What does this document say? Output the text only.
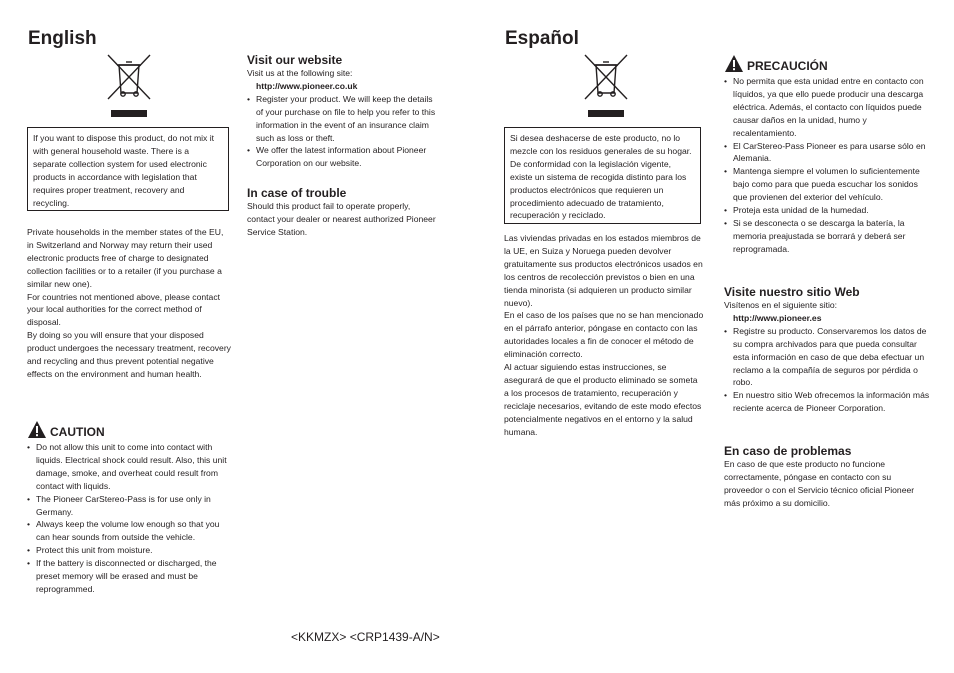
English
If you want to dispose this product, do not mix it with general household waste. There is a separate collection system for used electronic products in accordance with legislation that requires proper treatment, recovery and recycling.
Private households in the member states of the EU, in Switzerland and Norway may return their used electronic products free of charge to designated collection facilities or to a retailer (if you purchase a similar new one).
For countries not mentioned above, please contact your local authorities for the correct method of disposal.
By doing so you will ensure that your disposed product undergoes the necessary treatment, recovery and recycling and thus prevent potential negative effects on the environment and human health.
CAUTION
• Do not allow this unit to come into contact with liquids. Electrical shock could result. Also, this unit damage, smoke, and overheat could result from contact with liquids.
• The Pioneer CarStereo-Pass is for use only in Germany.
• Always keep the volume low enough so that you can hear sounds from outside the vehicle.
• Protect this unit from moisture.
• If the battery is disconnected or discharged, the preset memory will be erased and must be reprogrammed.
Visit our website
Visit us at the following site:
http://www.pioneer.co.uk
• Register your product. We will keep the details of your purchase on file to help you refer to this information in the event of an insurance claim such as loss or theft.
• We offer the latest information about Pioneer Corporation on our website.
In case of trouble
Should this product fail to operate properly, contact your dealer or nearest authorized Pioneer Service Station.
<KKMZX> <CRP1439-A/N>
Español
Si desea deshacerse de este producto, no lo mezcle con los residuos generales de su hogar. De conformidad con la legislación vigente, existe un sistema de recogida distinto para los productos electrónicos que requieren un procedimiento adecuado de tratamiento, recuperación y reciclado.
Las viviendas privadas en los estados miembros de la UE, en Suiza y Noruega pueden devolver gratuitamente sus productos electrónicos usados en los centros de recolección previstos o bien en una tienda minorista (si adquieren un producto similar nuevo).
En el caso de los países que no se han mencionado en el párrafo anterior, póngase en contacto con las autoridades locales a fin de conocer el método de eliminación correcto.
Al actuar siguiendo estas instrucciones, se asegurará de que el producto eliminado se someta a los procesos de tratamiento, recuperación y reciclaje necesarios, evitando de este modo efectos potencialmente negativos en el entorno y la salud humana.
PRECAUCIÓN
• No permita que esta unidad entre en contacto con líquidos, ya que ello puede producir una descarga eléctrica. Además, el contacto con líquidos puede causar daños en la unidad, humo y recalentamiento.
• El CarStereo-Pass Pioneer es para usarse sólo en Alemania.
• Mantenga siempre el volumen lo suficientemente bajo como para que pueda escuchar los sonidos que provienen del exterior del vehículo.
• Proteja esta unidad de la humedad.
• Si se desconecta o se descarga la batería, la memoria preajustada se borrará y deberá ser reprogramada.
Visite nuestro sitio Web
Visítenos en el siguiente sitio:
http://www.pioneer.es
• Registre su producto. Conservaremos los datos de su compra archivados para que pueda consultar esta información en caso de que deba efectuar un reclamo a la compañía de seguros por pérdida o robo.
• En nuestro sitio Web ofrecemos la información más reciente acerca de Pioneer Corporation.
En caso de problemas
En caso de que este producto no funcione correctamente, póngase en contacto con su proveedor o con el Servicio técnico oficial Pioneer más próximo a su domicilio.
